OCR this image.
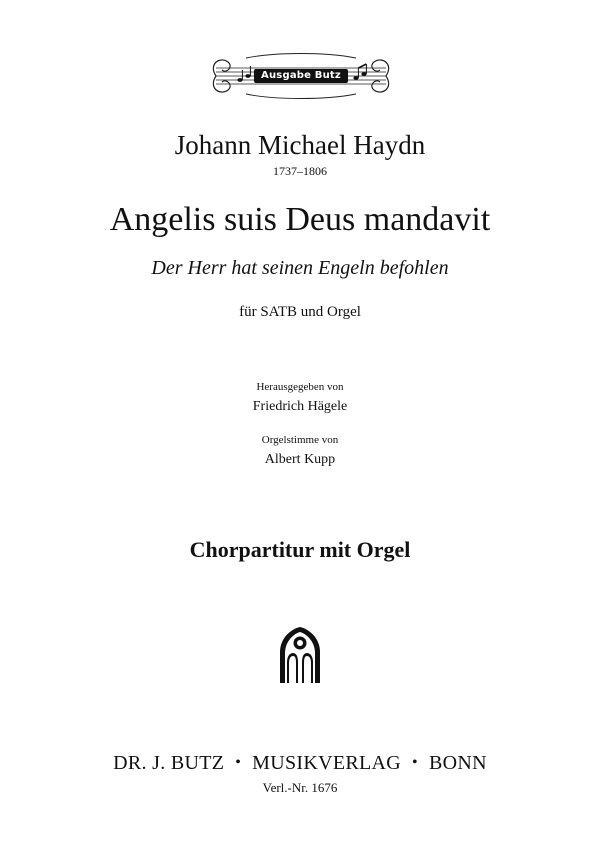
Ausgabe Butz
Johann Michael Haydn
1737–1806
Angelis suis Deus mandavit
Der Herr hat seinen Engeln befohlen
für SATB und Orgel
Herausgegeben von
Friedrich Hägele
Orgelstimme von
Albert Kupp
Chorpartitur mit Orgel
DR. J. BUTZ • MUSIKVERLAG • BONN
Verl.-Nr. 1676
